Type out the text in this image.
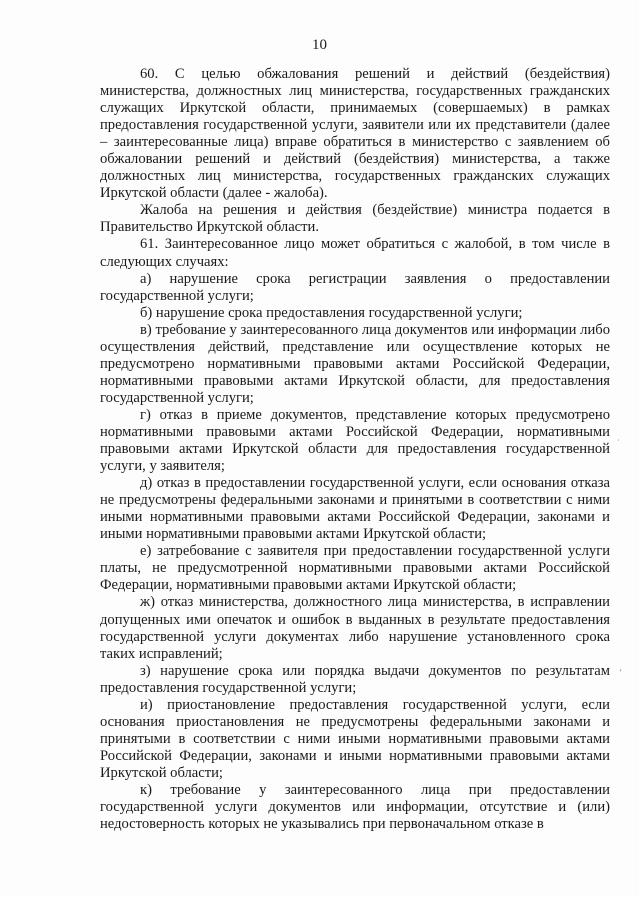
10

60. С целью обжалования решений и действий (бездействия) министерства, должностных лиц министерства, государственных гражданских служащих Иркутской области, принимаемых (совершаемых) в рамках предоставления государственной услуги, заявители или их представители (далее – заинтересованные лица) вправе обратиться в министерство с заявлением об обжаловании решений и действий (бездействия) министерства, а также должностных лиц министерства, государственных гражданских служащих Иркутской области (далее - жалоба).

Жалоба на решения и действия (бездействие) министра подается в Правительство Иркутской области.

61. Заинтересованное лицо может обратиться с жалобой, в том числе в следующих случаях:

а) нарушение срока регистрации заявления о предоставлении государственной услуги;

б) нарушение срока предоставления государственной услуги;

в) требование у заинтересованного лица документов или информации либо осуществления действий, представление или осуществление которых не предусмотрено нормативными правовыми актами Российской Федерации, нормативными правовыми актами Иркутской области, для предоставления государственной услуги;

г) отказ в приеме документов, представление которых предусмотрено нормативными правовыми актами Российской Федерации, нормативными правовыми актами Иркутской области для предоставления государственной услуги, у заявителя;

д) отказ в предоставлении государственной услуги, если основания отказа не предусмотрены федеральными законами и принятыми в соответствии с ними иными нормативными правовыми актами Российской Федерации, законами и иными нормативными правовыми актами Иркутской области;

е) затребование с заявителя при предоставлении государственной услуги платы, не предусмотренной нормативными правовыми актами Российской Федерации, нормативными правовыми актами Иркутской области;

ж) отказ министерства, должностного лица министерства, в исправлении допущенных ими опечаток и ошибок в выданных в результате предоставления государственной услуги документах либо нарушение установленного срока таких исправлений;

з) нарушение срока или порядка выдачи документов по результатам предоставления государственной услуги;

и) приостановление предоставления государственной услуги, если основания приостановления не предусмотрены федеральными законами и принятыми в соответствии с ними иными нормативными правовыми актами Российской Федерации, законами и иными нормативными правовыми актами Иркутской области;

к) требование у заинтересованного лица при предоставлении государственной услуги документов или информации, отсутствие и (или) недостоверность которых не указывались при первоначальном отказе в

˙
'
